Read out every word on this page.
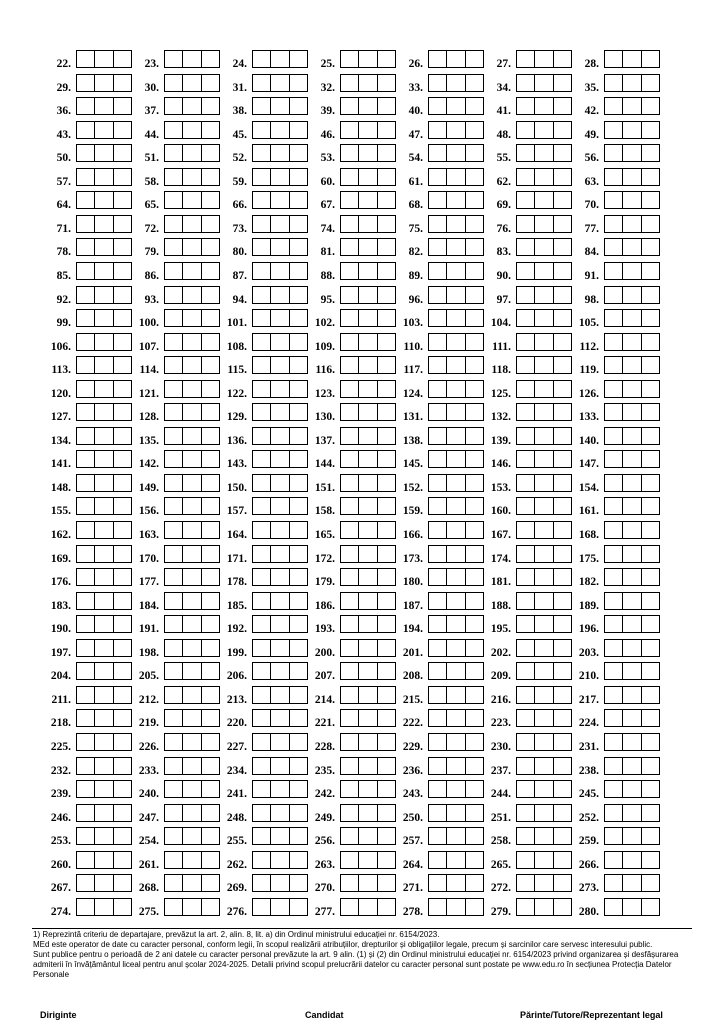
22.	23.	24.	25.	26.	27.	28.
29.	30.	31.	32.	33.	34.	35.
36.	37.	38.	39.	40.	41.	42.
43.	44.	45.	46.	47.	48.	49.
50.	51.	52.	53.	54.	55.	56.
57.	58.	59.	60.	61.	62.	63.
64.	65.	66.	67.	68.	69.	70.
71.	72.	73.	74.	75.	76.	77.
78.	79.	80.	81.	82.	83.	84.
85.	86.	87.	88.	89.	90.	91.
92.	93.	94.	95.	96.	97.	98.
99.	100.	101.	102.	103.	104.	105.
106.	107.	108.	109.	110.	111.	112.
113.	114.	115.	116.	117.	118.	119.
120.	121.	122.	123.	124.	125.	126.
127.	128.	129.	130.	131.	132.	133.
134.	135.	136.	137.	138.	139.	140.
141.	142.	143.	144.	145.	146.	147.
148.	149.	150.	151.	152.	153.	154.
155.	156.	157.	158.	159.	160.	161.
162.	163.	164.	165.	166.	167.	168.
169.	170.	171.	172.	173.	174.	175.
176.	177.	178.	179.	180.	181.	182.
183.	184.	185.	186.	187.	188.	189.
190.	191.	192.	193.	194.	195.	196.
197.	198.	199.	200.	201.	202.	203.
204.	205.	206.	207.	208.	209.	210.
211.	212.	213.	214.	215.	216.	217.
218.	219.	220.	221.	222.	223.	224.
225.	226.	227.	228.	229.	230.	231.
232.	233.	234.	235.	236.	237.	238.
239.	240.	241.	242.	243.	244.	245.
246.	247.	248.	249.	250.	251.	252.
253.	254.	255.	256.	257.	258.	259.
260.	261.	262.	263.	264.	265.	266.
267.	268.	269.	270.	271.	272.	273.
274.	275.	276.	277.	278.	279.	280.

1) Reprezintă criteriu de departajare, prevăzut la art. 2, alin. 8, lit. a) din Ordinul ministrului educației nr. 6154/2023.

MEd este operator de date cu caracter personal, conform legii, în scopul realizării atribuțiilor, drepturilor și obligațiilor legale, precum și sarcinilor care servesc interesului public.

Sunt publice pentru o perioadă de 2 ani datele cu caracter personal prevăzute la art. 9 alin. (1) și (2) din Ordinul ministrului educației nr. 6154/2023 privind organizarea și desfășurarea admiterii în învățământul liceal pentru anul școlar 2024-2025. Detalii privind scopul prelucrării datelor cu caracter personal sunt postate pe www.edu.ro în secțiunea Protecția Datelor Personale

Diriginte	Candidat	Părinte/Tutore/Reprezentant legal
